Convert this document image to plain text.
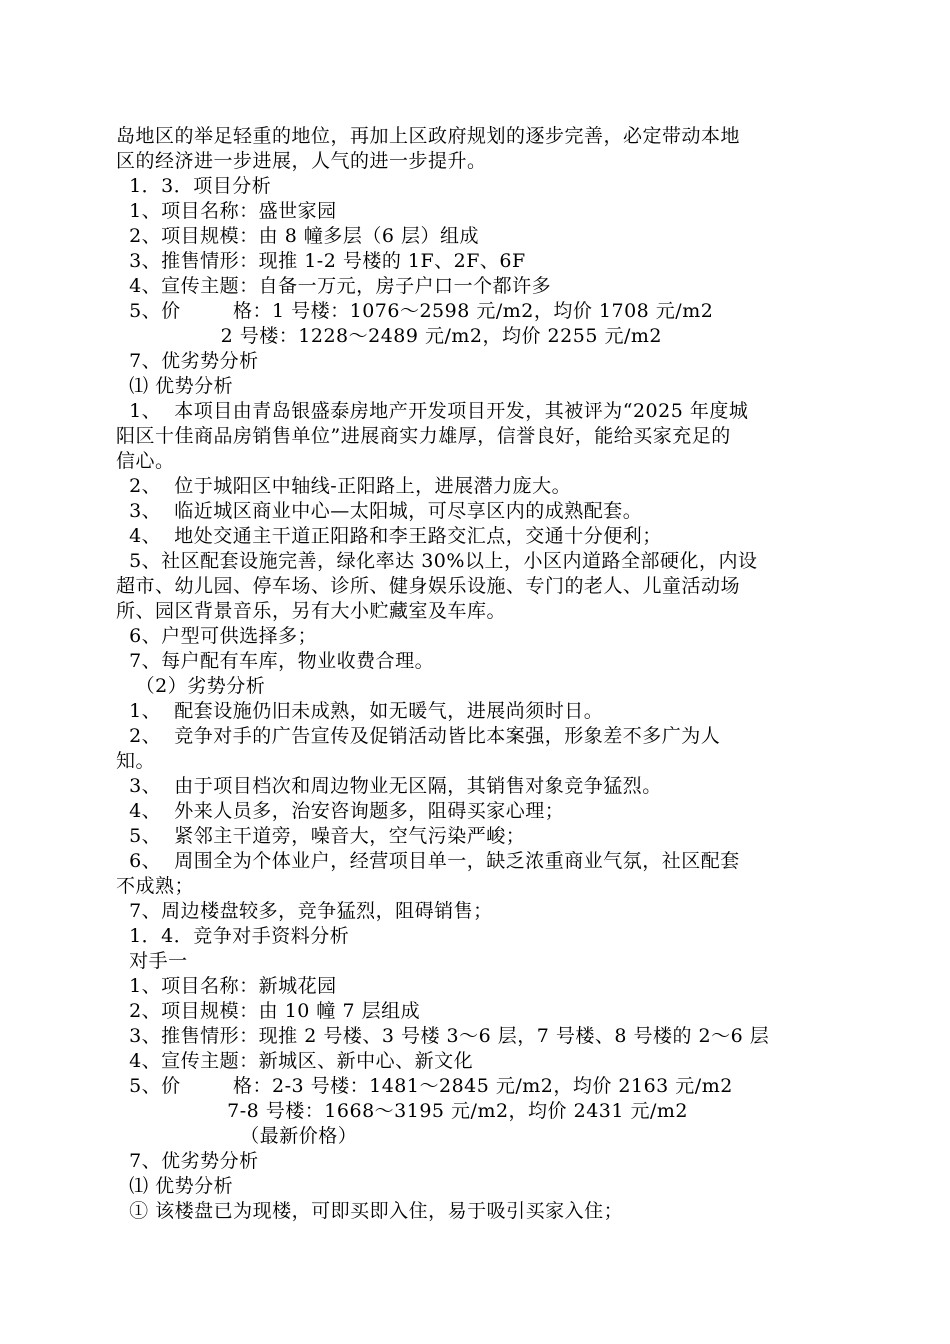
岛地区的举足轻重的地位，再加上区政府规划的逐步完善，必定带动本地
区的经济进一步进展，人气的进一步提升。
1．3．项目分析
1、项目名称：盛世家园
2、项目规模：由 8 幢多层（6 层）组成
3、推售情形：现推 1-2 号楼的 1F、2F、6F
4、宣传主题：自备一万元，房子户口一个都许多
5、价        格：1 号楼：1076～2598 元/m2，均价 1708 元/m2
2 号楼：1228～2489 元/m2，均价 2255 元/m2
7、优劣势分析
⑴ 优势分析
1、  本项目由青岛银盛泰房地产开发项目开发，其被评为“2025 年度城
阳区十佳商品房销售单位”进展商实力雄厚，信誉良好，能给买家充足的
信心。
2、  位于城阳区中轴线-正阳路上，进展潜力庞大。
3、  临近城区商业中心—太阳城，可尽享区内的成熟配套。
4、  地处交通主干道正阳路和李王路交汇点，交通十分便利；
5、社区配套设施完善，绿化率达 30%以上，小区内道路全部硬化，内设
超市、幼儿园、停车场、诊所、健身娱乐设施、专门的老人、儿童活动场
所、园区背景音乐，另有大小贮藏室及车库。
6、户型可供选择多；
7、每户配有车库，物业收费合理。
（2）劣势分析
1、  配套设施仍旧未成熟，如无暖气，进展尚须时日。
2、  竞争对手的广告宣传及促销活动皆比本案强，形象差不多广为人
知。
3、  由于项目档次和周边物业无区隔，其销售对象竞争猛烈。
4、  外来人员多，治安咨询题多，阻碍买家心理；
5、  紧邻主干道旁，噪音大，空气污染严峻；
6、  周围全为个体业户，经营项目单一，缺乏浓重商业气氛，社区配套
不成熟；
7、周边楼盘较多，竞争猛烈，阻碍销售；
1．4．竞争对手资料分析
对手一
1、项目名称：新城花园
2、项目规模：由 10 幢 7 层组成
3、推售情形：现推 2 号楼、3 号楼 3～6 层，7 号楼、8 号楼的 2～6 层
4、宣传主题：新城区、新中心、新文化
5、价        格：2-3 号楼：1481～2845 元/m2，均价 2163 元/m2
7-8 号楼：1668～3195 元/m2，均价 2431 元/m2
（最新价格）
7、优劣势分析
⑴ 优势分析
① 该楼盘已为现楼，可即买即入住，易于吸引买家入住；
